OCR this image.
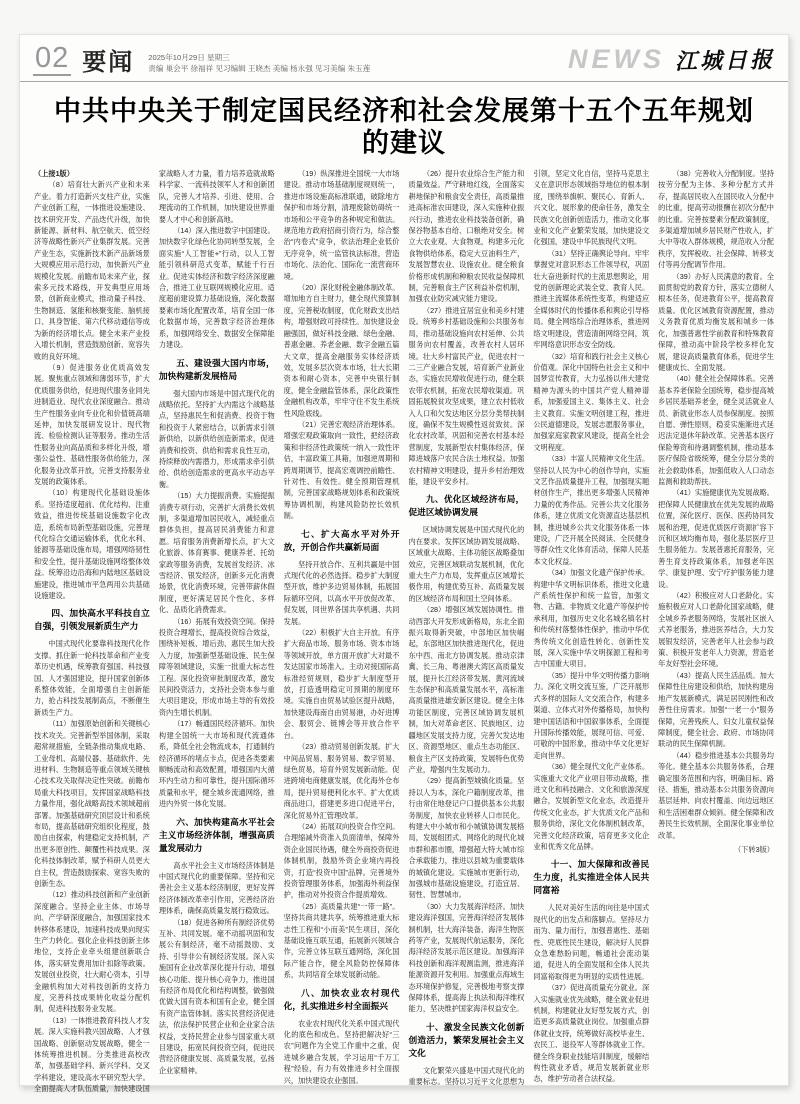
02 要闻 2025年10月29日 星期三
责编 巢会平 徐福祥 见习编辑 王晓杰 美编 杨永强 见习美编 朱玉莲	NEWS 江城日报
中共中央关于制定国民经济和社会发展第十五个五年规划的建议

（上接1版）

（8）培育壮大新兴产业和未来产业。着力打造新兴支柱产业，实施产业创新工程，一体推进设施建设、技术研究开发、产品迭代升级，加快新能源、新材料、航空航天、低空经济等战略性新兴产业集群发展。完善产业生态，实施新技术新产品新场景大规模应用示范行动，加快新兴产业规模化发展。前瞻布局未来产业，探索多元技术路线，开发典型应用场景，创新商业模式，推动量子科技、生物制造、氢能和核聚变能、脑机接口、具身智能、第六代移动通信等成为新的经济增长点。健全未来产业投入增长机制，营造鼓励创新、宽容失败的良好环境。

（9）促进服务业优质高效发展。聚焦重点领域和薄弱环节，扩大优质服务供给，促进现代服务业同先进制造业、现代农业深度融合。推动生产性服务业向专业化和价值链高端延伸，加快发展研发设计、现代物流、检验检测认证等服务。推动生活性服务业向高品质和多样化升级，增强公益性、基础性服务供给能力，深化服务业改革开放，完善支持服务业发展的政策体系。

（10）构建现代化基础设施体系。坚持适度超前、优化结构、注重效益，推进传统基础设施数字化改造，系统布局新型基础设施，完善现代化综合交通运输体系，优化水利、能源等基础设施布局，增强网络韧性和安全性，提升基础设施网络整体效益。统筹沿边沿海和内陆地区基础设施建设，推进城市平急两用公共基础设施建设。

四、加快高水平科技自立自强，引领发展新质生产力

中国式现代化要靠科技现代化作支撑。抓住新一轮科技革命和产业变革历史机遇，统筹教育强国、科技强国、人才强国建设，提升国家创新体系整体效能，全面增强自主创新能力，抢占科技发展制高点，不断催生新质生产力。

（11）加强原始创新和关键核心技术攻关。完善新型举国体制，采取超常规措施，全链条推动集成电路、工业母机、高端仪器、基础软件、先进材料、生物制造等重点领域关键核心技术攻关取得决定性突破。前瞻布局重大科技项目，发挥国家战略科技力量作用，强化战略高技术领域超前部署。加强基础研究顶层设计和系统布局，提高基础研究组织化程度，鼓励自由探索，构建稳定支持机制，产出更多原创性、颠覆性科技成果。深化科技体制改革，赋予科研人员更大自主权，营造鼓励探索、宽容失败的创新生态。

（12）推动科技创新和产业创新深度融合。坚持企业主体、市场导向、产学研深度融合，加强国家技术转移体系建设，加速科技成果向现实生产力转化。强化企业科技创新主体地位，支持企业牵头组建创新联合体，落实研发费用加计扣除等政策。发展创业投资，壮大耐心资本，引导金融机构加大对科技创新的支持力度，完善科技成果转化收益分配机制，促进科技服务业发展。

（13）一体推进教育科技人才发展。深入实施科教兴国战略、人才强国战略、创新驱动发展战略，健全一体统筹推进机制。分类推进高校改革，加强基础学科、新兴学科、交叉学科建设，建设高水平研究型大学。全面提高人才队伍质量，加快建设国家战略人才力量，着力培养造就战略科学家、一流科技领军人才和创新团队，完善人才培养、引进、使用、合理流动的工作机制，加快建设世界重要人才中心和创新高地。

（14）深入推进数字中国建设。加快数字化绿色化协同转型发展，全面实施“人工智能+”行动，以人工智能引领科研范式变革，赋能千行百业。促进实体经济和数字经济深度融合，推进工业互联网规模化应用。适度超前建设算力基础设施，深化数据要素市场化配置改革，培育全国一体化数据市场，完善数字经济治理体系，加强网络安全、数据安全保障能力建设。

五、建设强大国内市场，加快构建新发展格局

强大国内市场是中国式现代化的战略依托。坚持扩大内需这个战略基点，坚持惠民生和促消费、投资于物和投资于人紧密结合，以新需求引领新供给，以新供给创造新需求，促进消费和投资、供给和需求良性互动，持续释放内需潜力，形成需求牵引供给、供给创造需求的更高水平动态平衡。

（15）大力提振消费。实施提振消费专项行动，完善扩大消费长效机制，多渠道增加居民收入，减轻重点群体负担，提高居民消费能力和意愿。培育服务消费新增长点，扩大文化旅游、体育赛事、健康养老、托幼家政等服务消费，发展首发经济、冰雪经济、银发经济，创新多元化消费场景，优化消费环境，完善带薪休假制度，更好满足居民个性化、多样化、品质化消费需求。

（16）拓展有效投资空间。保持投资合理增长，提高投资综合效益，围绕补短板、增后劲、惠民生加大投入力度，加强新型基础设施、民生保障等领域建设，实施一批重大标志性工程。深化投资审批制度改革，激发民间投资活力，支持社会资本参与重大项目建设，形成市场主导的有效投资内生增长机制。

（17）畅通国民经济循环。加快构建全国统一大市场和现代流通体系，降低全社会物流成本，打通制约经济循环的堵点卡点，促进各类要素顺畅流动和高效配置，增强国内大循环内生动力和可靠性，提升国际循环质量和水平，健全城乡流通网络，推进内外贸一体化发展。

六、加快构建高水平社会主义市场经济体制，增强高质量发展动力

高水平社会主义市场经济体制是中国式现代化的重要保障。坚持和完善社会主义基本经济制度，更好发挥经济体制改革牵引作用，完善经济治理体系，确保高质量发展行稳致远。

（18）促进各种所有制经济优势互补、共同发展。毫不动摇巩固和发展公有制经济，毫不动摇鼓励、支持、引导非公有制经济发展。深入实施国有企业改革深化提升行动，增强核心功能、提升核心竞争力，推进国有经济布局优化和结构调整，做强做优做大国有资本和国有企业，健全国有资产监管体制。落实民营经济促进法，依法保护民营企业和企业家合法权益，支持民营企业参与国家重大项目建设，拓宽民间投资空间，促进民营经济健康发展、高质量发展，弘扬企业家精神。

（19）纵深推进全国统一大市场建设。推动市场基础制度规则统一，推进市场设施高标准联通，破除地方保护和市场分割，清理废除妨碍统一市场和公平竞争的各种规定和做法。规范地方政府招商引资行为，综合整治“内卷式”竞争，依法治理企业低价无序竞争，统一监管执法标准，营造市场化、法治化、国际化一流营商环境。

（20）深化财税金融体制改革。增加地方自主财力，健全现代预算制度，完善税收制度，优化财政支出结构，增强财政可持续性。加快建设金融强国，做好科技金融、绿色金融、普惠金融、养老金融、数字金融五篇大文章，提高金融服务实体经济质效，发展多层次资本市场，壮大长期资本和耐心资本，完善中央银行制度，健全金融监管体系，深化政策性金融机构改革，牢牢守住不发生系统性风险底线。

（21）完善宏观经济治理体系。增强宏观政策取向一致性，把经济政策和非经济性政策统一纳入一致性评估，丰富政策工具箱，加强逆周期和跨周期调节，提高宏观调控前瞻性、针对性、有效性。健全预期管理机制，完善国家战略规划体系和政策统筹协调机制，构建风险防控长效机制。

七、扩大高水平对外开放，开创合作共赢新局面

坚持开放合作、互利共赢是中国式现代化的必然选择。稳步扩大制度型开放，维护多边贸易体制，拓展国际循环空间，以高水平开放促改革、促发展，同世界各国共享机遇、共同发展。

（22）积极扩大自主开放。有序扩大商品市场、服务市场、资本市场等领域开放，单方面开放扩大对最不发达国家市场准入。主动对接国际高标准经贸规则，稳步扩大制度型开放，打造透明稳定可预期的制度环境。实施自由贸易试验区提升战略，加快建设海南自由贸易港，办好进博会、服贸会、链博会等开放合作平台。

（23）推动贸易创新发展。扩大中间品贸易、服务贸易、数字贸易、绿色贸易，培育外贸发展新动能。促进跨境电商健康发展，优化海外仓布局，提升贸易便利化水平。扩大优质商品进口，搭建更多进口促进平台，深化贸易外汇管理改革。

（24）拓展双向投资合作空间。合理缩减外资准入负面清单，保障外资企业国民待遇，健全外商投资促进体制机制，鼓励外资企业境内再投资，打造“投资中国”品牌。完善境外投资管理服务体系，加强海外利益保护，推动对外投资合作提质增效。

（25）高质量共建“一带一路”。坚持共商共建共享，统筹推进重大标志性工程和“小而美”民生项目，深化基础设施互联互通，拓展新兴领域合作，完善立体互联互通网络，深化国际产能合作，健全风险防控保障体系，共同培育全球发展新动能。

八、加快农业农村现代化，扎实推进乡村全面振兴

农业农村现代化关系中国式现代化的底色和成色。坚持把解决好“三农”问题作为全党工作重中之重，促进城乡融合发展，学习运用“千万工程”经验，有力有效推进乡村全面振兴，加快建设农业强国。

（26）提升农业综合生产能力和质量效益。严守耕地红线，全面落实耕地保护和粮食安全责任，高质量推进高标准农田建设，深入实施种业振兴行动，推进农业科技装备创新，确保谷物基本自给、口粮绝对安全。树立大农业观、大食物观，构建多元化食物供给体系，稳定大豆油料生产，发展智慧农业、设施农业。健全粮食价格形成机制和种粮农民收益保障机制，完善粮食主产区利益补偿机制，加强农业防灾减灾能力建设。

（27）推进宜居宜业和美乡村建设。统筹乡村基础设施和公共服务布局，推动基础设施向农村延伸、公共服务向农村覆盖，改善农村人居环境。壮大乡村富民产业，促进农村一二三产业融合发展，培育新产业新业态，实施农民增收促进行动，健全联农带农机制，拓宽农民增收渠道。巩固拓展脱贫攻坚成果，建立农村低收入人口和欠发达地区分层分类帮扶制度，确保不发生规模性返贫致贫。深化农村改革，巩固和完善农村基本经营制度，发展新型农村集体经济，保障进城落户农民合法土地权益。加强农村精神文明建设，提升乡村治理效能，建设平安乡村。

九、优化区域经济布局，促进区域协调发展

区域协调发展是中国式现代化的内在要求。发挥区域协调发展战略、区域重大战略、主体功能区战略叠加效应，完善区域联动发展机制，优化重大生产力布局，发挥重点区域增长极作用，构建优势互补、高质量发展的区域经济布局和国土空间体系。

（28）增强区域发展协调性。推动西部大开发形成新格局，东北全面振兴取得新突破，中部地区加快崛起，东部地区加快推进现代化，促进东中西、南北方协调发展。推动京津冀、长三角、粤港澳大湾区高质量发展，提升长江经济带发展、黄河流域生态保护和高质量发展水平，高标准高质量推进雄安新区建设。健全主体功能区制度，完善区域协调发展机制，加大对革命老区、民族地区、边疆地区发展支持力度，完善欠发达地区、资源型地区、重点生态功能区、粮食主产区支持政策，发展特色优势产业，增强内生发展动力。

（29）提高新型城镇化质量。坚持以人为本，深化户籍制度改革，推行由常住地登记户口提供基本公共服务制度，加快农业转移人口市民化。构建大中小城市和小城镇协调发展格局，发展组团式、网络化的现代化城市群和都市圈，增强超大特大城市综合承载能力，推进以县城为重要载体的城镇化建设。实施城市更新行动，加强城市基础设施建设，打造宜居、韧性、智慧城市。

（30）大力发展海洋经济。加快建设海洋强国，完善海洋经济发展体制机制，壮大海洋装备、海洋生物医药等产业，发展现代航运服务，深化海洋经济发展示范区建设。加强海洋科技创新和海洋观测监测，推进海洋能源资源开发利用。加强重点海域生态环境保护修复，完善极地考察支撑保障体系，提高海上执法和海洋维权能力，坚决维护国家海洋权益安全。

十、激发全民族文化创新创造活力，繁荣发展社会主义文化

文化繁荣兴盛是中国式现代化的重要标志。坚持以习近平文化思想为引领，坚定文化自信，坚持马克思主义在意识形态领域指导地位的根本制度，围绕举旗帜、聚民心、育新人、兴文化、展形象的使命任务，激发全民族文化创新创造活力，推动文化事业和文化产业繁荣发展，加快建设文化强国，建设中华民族现代文明。

（31）坚持正确舆论导向。牢牢掌握党对意识形态工作领导权，巩固壮大奋进新时代的主流思想舆论，用党的创新理论武装全党、教育人民。推进主流媒体系统性变革，构建适应全媒体时代的传播体系和舆论引导格局。健全网络综合治理体系，推进网络文明建设，营造清朗网络空间，筑牢网络意识形态安全防线。

（32）培育和践行社会主义核心价值观。深化中国特色社会主义和中国梦宣传教育，大力弘扬以伟大建党精神为源头的中国共产党人精神谱系，加强爱国主义、集体主义、社会主义教育。实施文明创建工程，推进公民道德建设，发展志愿服务事业，加强家庭家教家风建设，提高全社会文明程度。

（33）丰富人民精神文化生活。坚持以人民为中心的创作导向，实施文艺作品质量提升工程，加强现实题材创作生产，推出更多增强人民精神力量的优秀作品。完善公共文化服务体系，建立优质文化资源直达基层机制，推进城乡公共文化服务体系一体建设，广泛开展全民阅读、全民健身等群众性文化体育活动，保障人民基本文化权益。

（34）加强文化遗产保护传承。构建中华文明标识体系，推进文化遗产系统性保护和统一监管，加强文物、古籍、非物质文化遗产等保护传承利用，加强历史文化名城名镇名村和传统村落整体性保护，推动中华优秀传统文化创造性转化、创新性发展，深入实施中华文明探源工程和考古中国重大项目。

（35）提升中华文明传播力影响力。深化文明交流互鉴，广泛开展形式多样的国际人文交流合作，构建多渠道、立体式对外传播格局，加快构建中国话语和中国叙事体系，全面提升国际传播效能，展现可信、可爱、可敬的中国形象，推动中华文化更好走向世界。

（36）健全现代文化产业体系。实施重大文化产业项目带动战略，推进文化和科技融合、文化和旅游深度融合，发展新型文化业态，改造提升传统文化业态，扩大优质文化产品和服务供给，深化文化体制机制改革，完善文化经济政策，培育更多文化企业和优秀文化品牌。

十一、加大保障和改善民生力度，扎实推进全体人民共同富裕

人民对美好生活的向往是中国式现代化的出发点和落脚点。坚持尽力而为、量力而行，加强普惠性、基础性、兜底性民生建设，解决好人民群众急难愁盼问题，畅通社会流动渠道，促进人的全面发展和全体人民共同富裕取得更为明显的实质性进展。

（37）促进高质量充分就业。深入实施就业优先战略，健全就业促进机制，构建就业友好型发展方式，创造更多高质量就业岗位。加强重点群体就业支持，统筹做好高校毕业生、农民工、退役军人等群体就业工作。健全终身职业技能培训制度，缓解结构性就业矛盾，规范发展新就业形态，维护劳动者合法权益。

（38）完善收入分配制度。坚持按劳分配为主体、多种分配方式并存，提高居民收入在国民收入分配中的比重，提高劳动报酬在初次分配中的比重。完善按要素分配政策制度，多渠道增加城乡居民财产性收入，扩大中等收入群体规模，规范收入分配秩序，发挥税收、社会保障、转移支付等再分配调节作用。

（39）办好人民满意的教育。全面贯彻党的教育方针，落实立德树人根本任务，促进教育公平，提高教育质量。优化区域教育资源配置，推动义务教育优质均衡发展和城乡一体化，加强普惠性学前教育和特殊教育保障，推动高中阶段学校多样化发展，建设高质量教育体系，促进学生健康成长、全面发展。

（40）健全社会保障体系。完善基本养老保险全国统筹，稳步提高城乡居民基础养老金，健全灵活就业人员、新就业形态人员参保制度。按照自愿、弹性原则，稳妥实施渐进式延迟法定退休年龄改革。完善基本医疗保险筹资和待遇调整机制，推动基本医疗保险省级统筹，健全分层分类的社会救助体系，加强低收入人口动态监测和救助帮扶。

（41）实施健康优先发展战略。把保障人民健康放在优先发展的战略位置，深化医疗、医保、医药协同发展和治理，促进优质医疗资源扩容下沉和区域均衡布局，强化基层医疗卫生服务能力。发展普惠托育服务，完善生育支持政策体系，加强老年医学、康复护理、安宁疗护服务能力建设。

（42）积极应对人口老龄化。实施积极应对人口老龄化国家战略，健全城乡养老服务网络，发展社区嵌入式养老服务，推进医养结合，大力发展银发经济，完善老年人社会参与政策、积极开发老年人力资源，营造老年友好型社会环境。

（43）提高人民生活品质。加大保障性住房建设和供给，加快构建房地产发展新模式，满足居民刚性和改善性住房需求。加强“一老一小”服务保障，完善残疾人、妇女儿童权益保障制度，健全社会、政府、市场协同联动的民生保障机制。

（44）稳步推进基本公共服务均等化。健全基本公共服务体系，合理确定服务范围和内容，明确目标、路径、措施，推动基本公共服务资源向基层延伸、向农村覆盖、向边远地区和生活困难群众倾斜。健全保障和改善民生长效机制，全面深化事业单位改革。

（下转3版）
